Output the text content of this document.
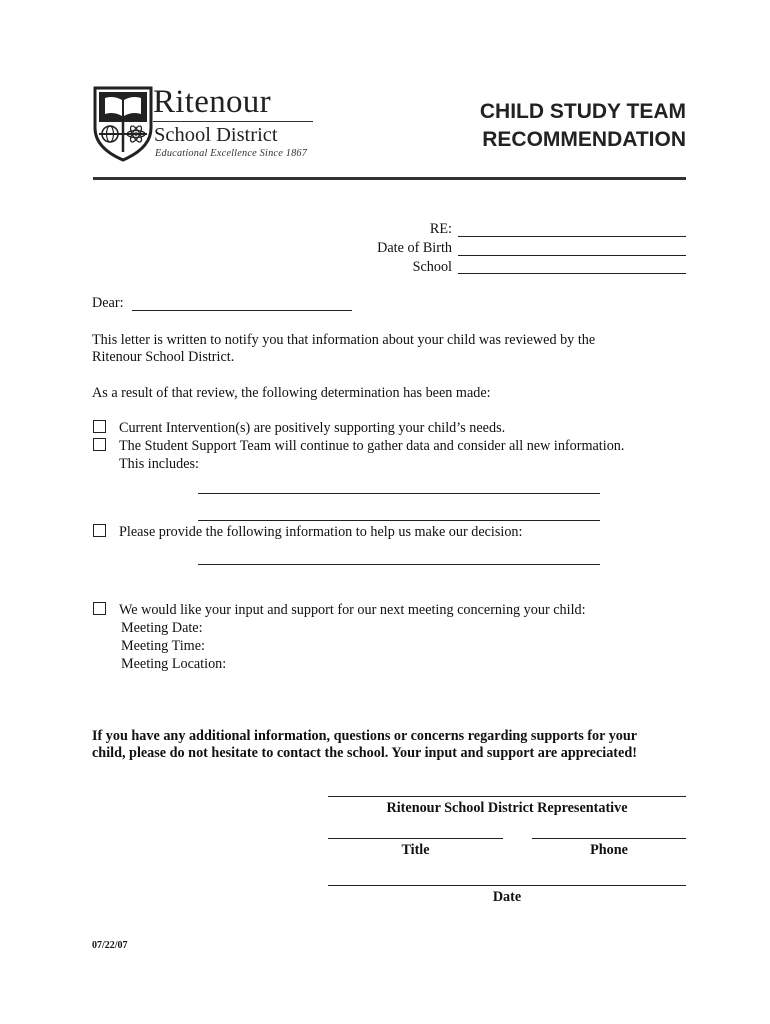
Ritenour
School District
Educational Excellence Since 1867
CHILD STUDY TEAM
RECOMMENDATION
RE:
Date of Birth
School
Dear:
This letter is written to notify you that information about your child was reviewed by the
Ritenour School District.
As a result of that review, the following determination has been made:
Current Intervention(s) are positively supporting your child’s needs.
The Student Support Team will continue to gather data and consider all new information.
This includes:
Please provide the following information to help us make our decision:
We would like your input and support for our next meeting concerning your child:
Meeting Date:
Meeting Time:
Meeting Location:
If you have any additional information, questions or concerns regarding supports for your
child, please do not hesitate to contact the school. Your input and support are appreciated!
Ritenour School District Representative
Title	Phone
Date
07/22/07
